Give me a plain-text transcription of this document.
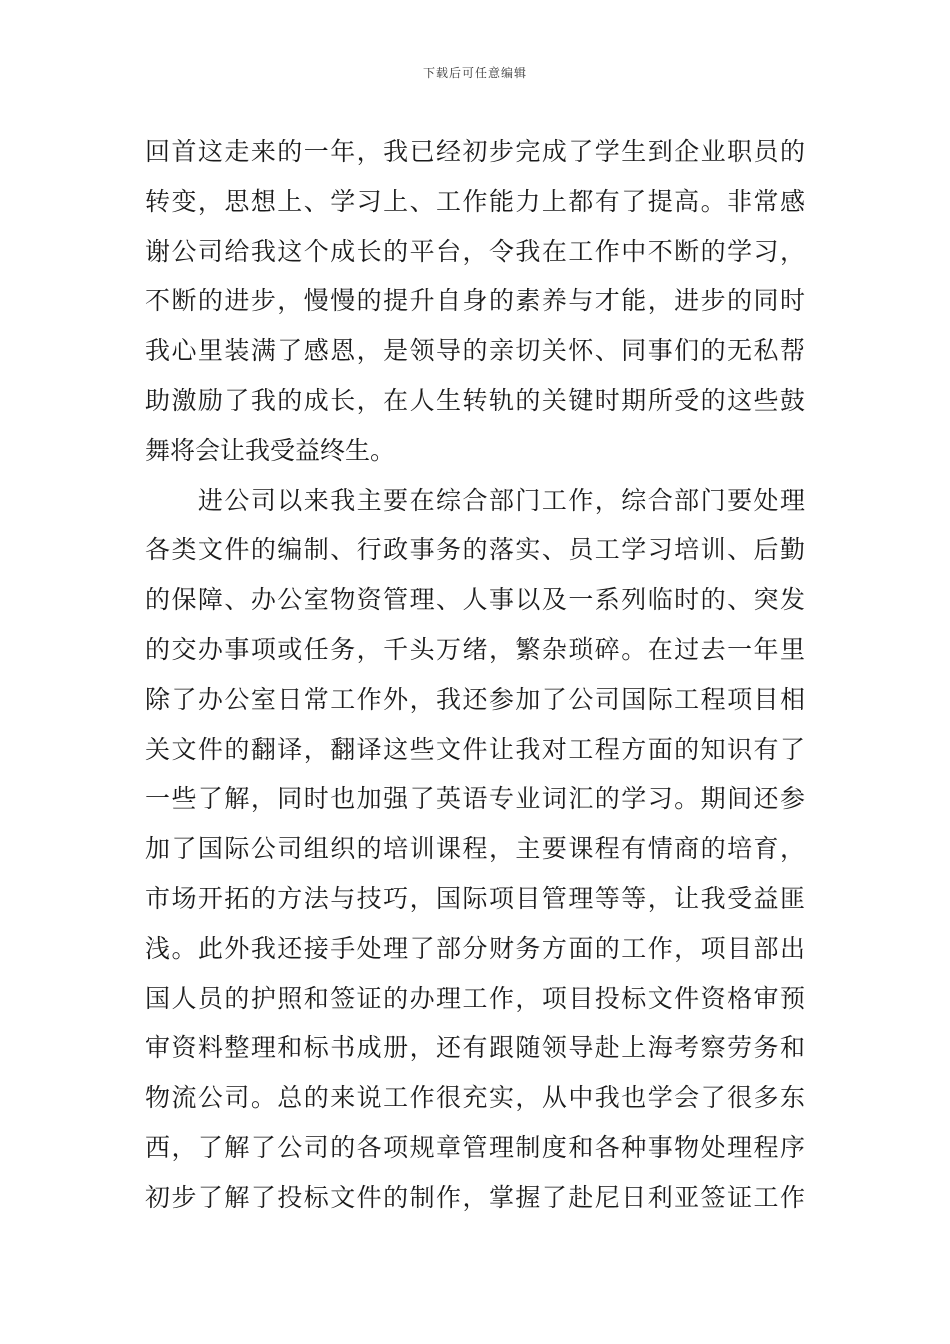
下载后可任意编辑
回首这走来的一年，我已经初步完成了学生到企业职员的
转变，思想上、学习上、工作能力上都有了提高。非常感
谢公司给我这个成长的平台，令我在工作中不断的学习，
不断的进步，慢慢的提升自身的素养与才能，进步的同时
我心里装满了感恩，是领导的亲切关怀、同事们的无私帮
助激励了我的成长，在人生转轨的关键时期所受的这些鼓
舞将会让我受益终生。
　　进公司以来我主要在综合部门工作，综合部门要处理
各类文件的编制、行政事务的落实、员工学习培训、后勤
的保障、办公室物资管理、人事以及一系列临时的、突发
的交办事项或任务，千头万绪，繁杂琐碎。在过去一年里
除了办公室日常工作外，我还参加了公司国际工程项目相
关文件的翻译，翻译这些文件让我对工程方面的知识有了
一些了解，同时也加强了英语专业词汇的学习。期间还参
加了国际公司组织的培训课程，主要课程有情商的培育，
市场开拓的方法与技巧，国际项目管理等等，让我受益匪
浅。此外我还接手处理了部分财务方面的工作，项目部出
国人员的护照和签证的办理工作，项目投标文件资格审预
审资料整理和标书成册，还有跟随领导赴上海考察劳务和
物流公司。总的来说工作很充实，从中我也学会了很多东
西，了解了公司的各项规章管理制度和各种事物处理程序
初步了解了投标文件的制作，掌握了赴尼日利亚签证工作
